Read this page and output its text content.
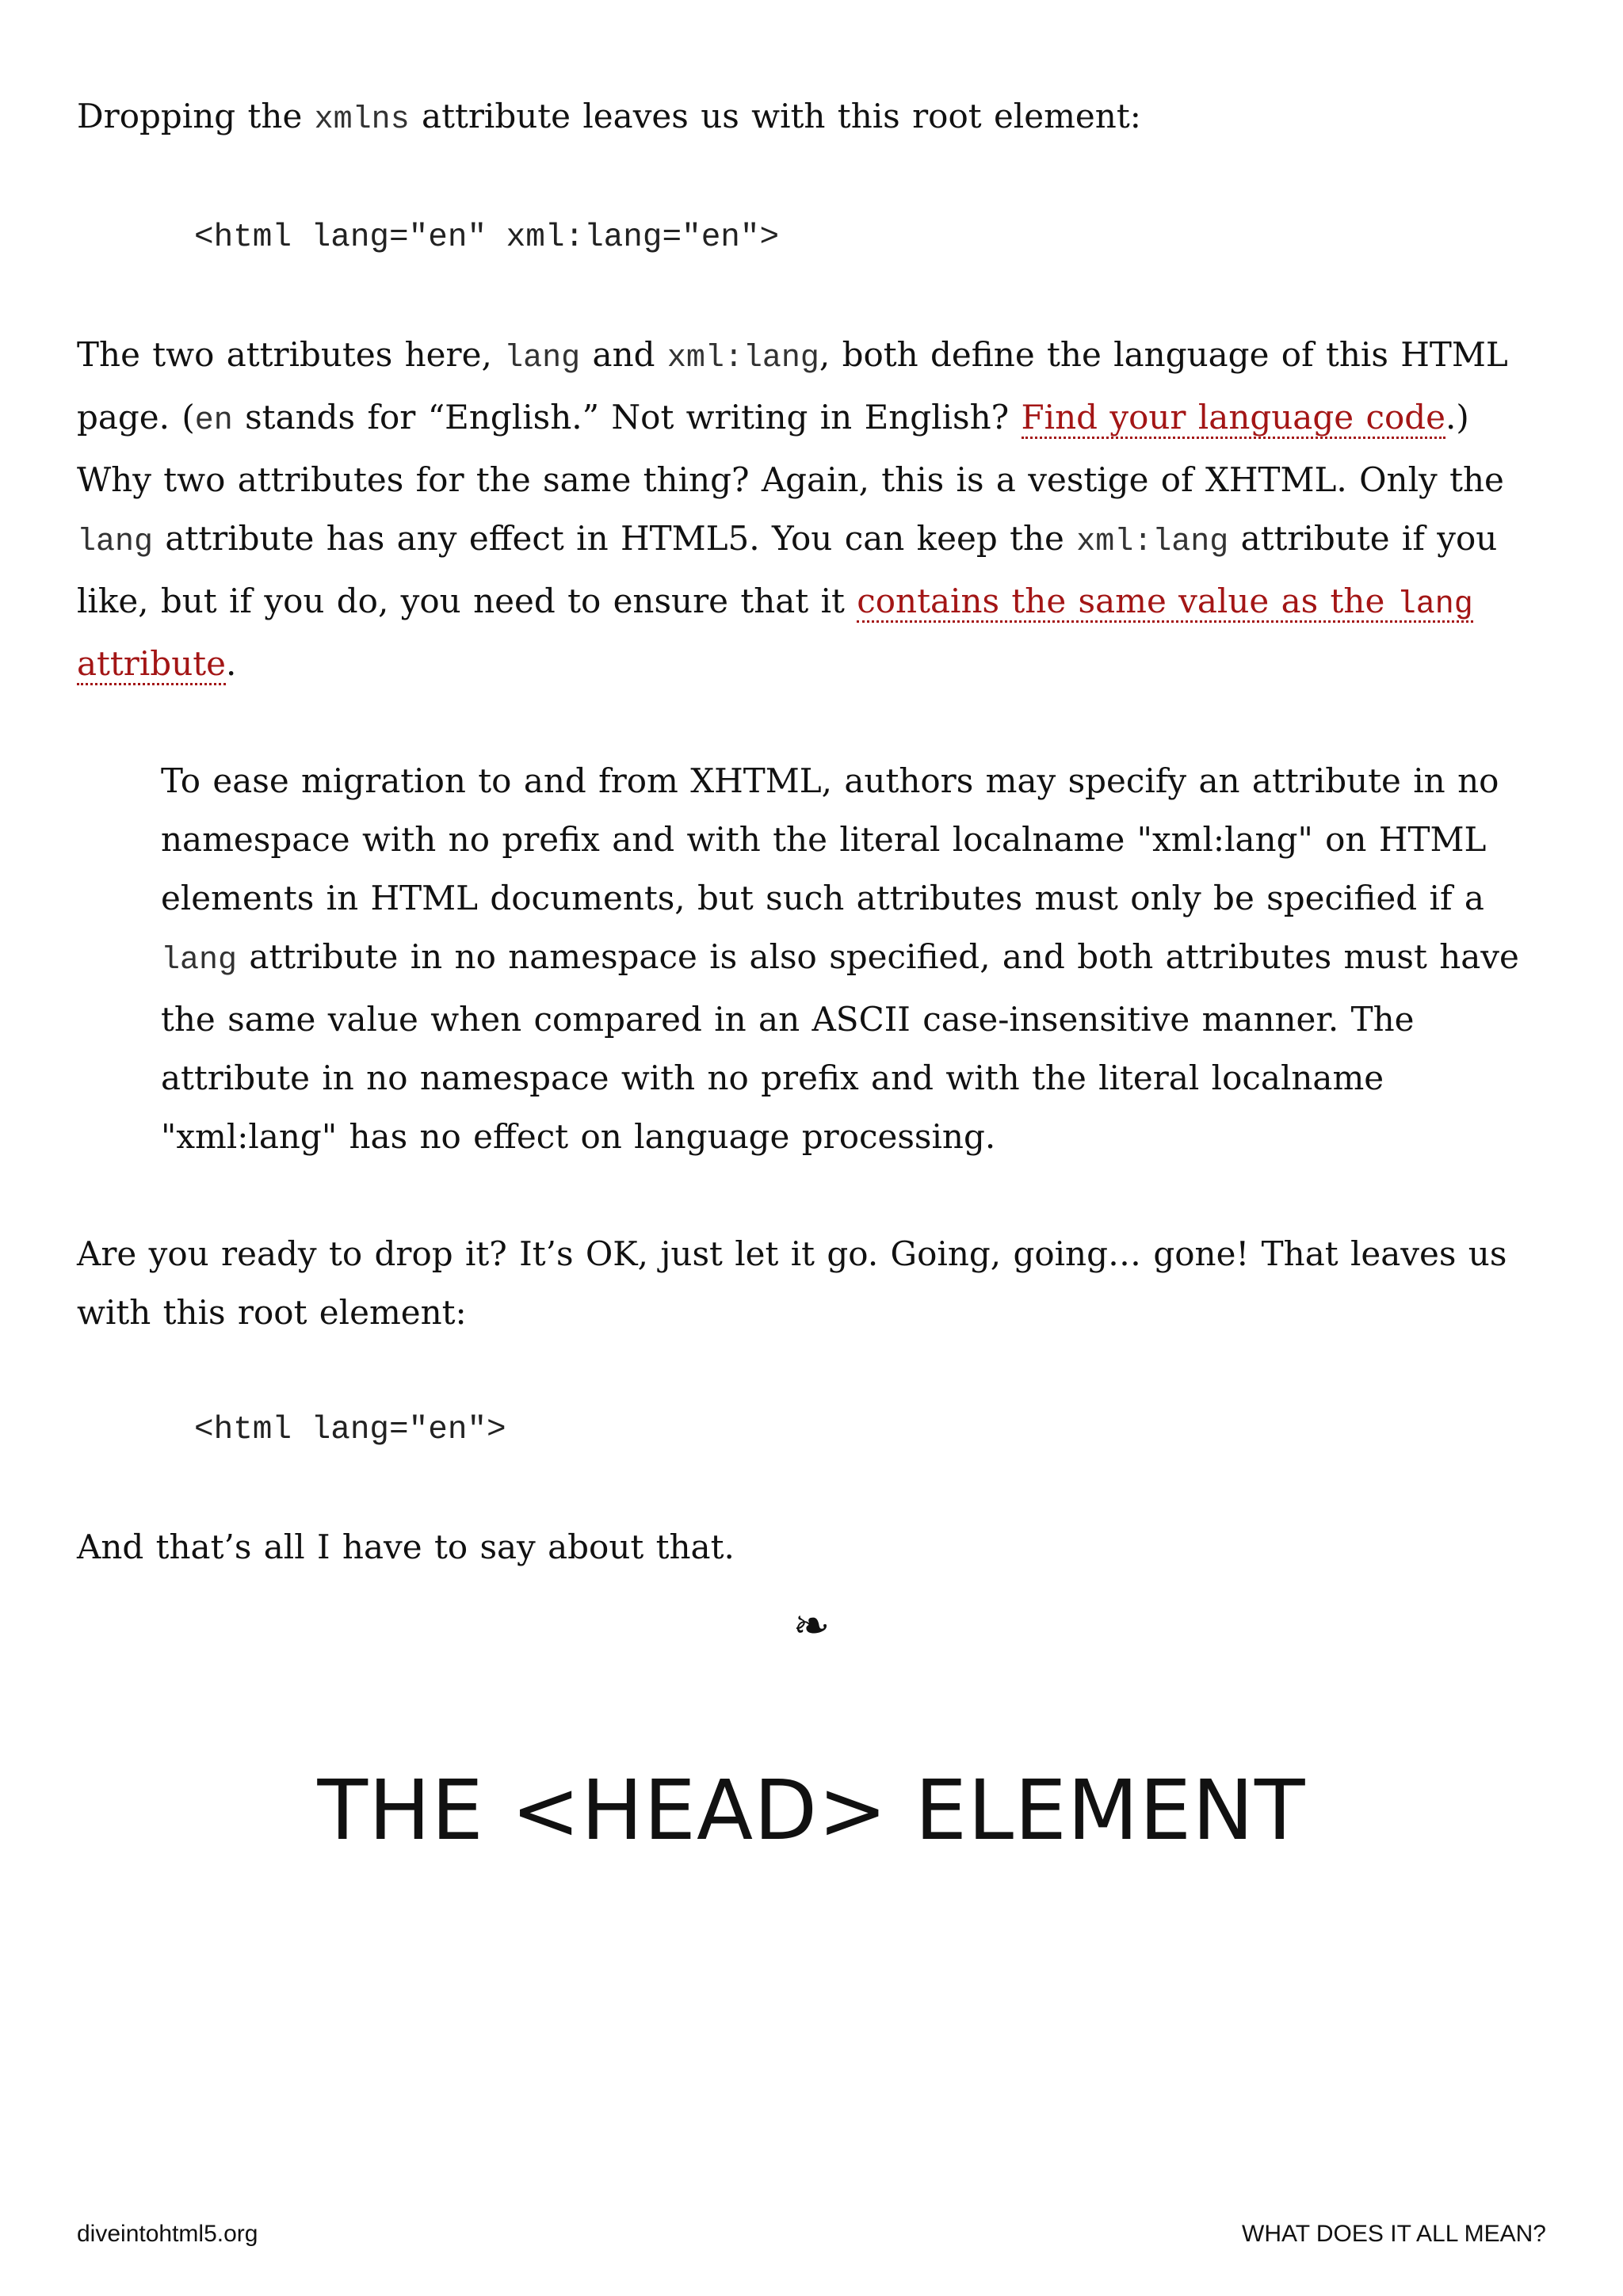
Dropping the xmlns attribute leaves us with this root element:

<html lang="en" xml:lang="en">

The two attributes here, lang and xml:lang, both define the language of this HTML page. (en stands for “English.” Not writing in English? Find your language code.) Why two attributes for the same thing? Again, this is a vestige of XHTML. Only the lang attribute has any effect in HTML5. You can keep the xml:lang attribute if you like, but if you do, you need to ensure that it contains the same value as the lang attribute.

To ease migration to and from XHTML, authors may specify an attribute in no namespace with no prefix and with the literal localname "xml:lang" on HTML elements in HTML documents, but such attributes must only be specified if a lang attribute in no namespace is also specified, and both attributes must have the same value when compared in an ASCII case-insensitive manner. The attribute in no namespace with no prefix and with the literal localname "xml:lang" has no effect on language processing.

Are you ready to drop it? It’s OK, just let it go. Going, going… gone! That leaves us with this root element:

<html lang="en">

And that’s all I have to say about that.

❧
THE <HEAD> ELEMENT
diveintohtml5.org	WHAT DOES IT ALL MEAN?
